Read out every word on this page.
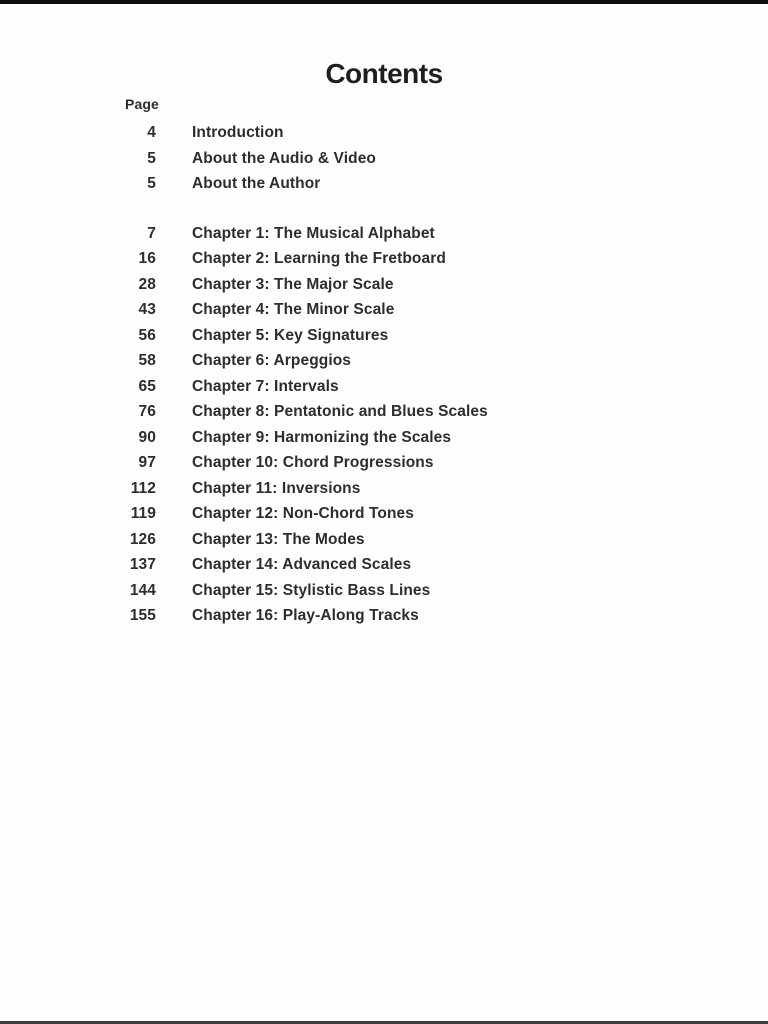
Contents
Page
4	Introduction
5	About the Audio & Video
5	About the Author
7	Chapter 1: The Musical Alphabet
16	Chapter 2: Learning the Fretboard
28	Chapter 3: The Major Scale
43	Chapter 4: The Minor Scale
56	Chapter 5: Key Signatures
58	Chapter 6: Arpeggios
65	Chapter 7: Intervals
76	Chapter 8: Pentatonic and Blues Scales
90	Chapter 9: Harmonizing the Scales
97	Chapter 10: Chord Progressions
112	Chapter 11: Inversions
119	Chapter 12: Non-Chord Tones
126	Chapter 13: The Modes
137	Chapter 14: Advanced Scales
144	Chapter 15: Stylistic Bass Lines
155	Chapter 16: Play-Along Tracks
